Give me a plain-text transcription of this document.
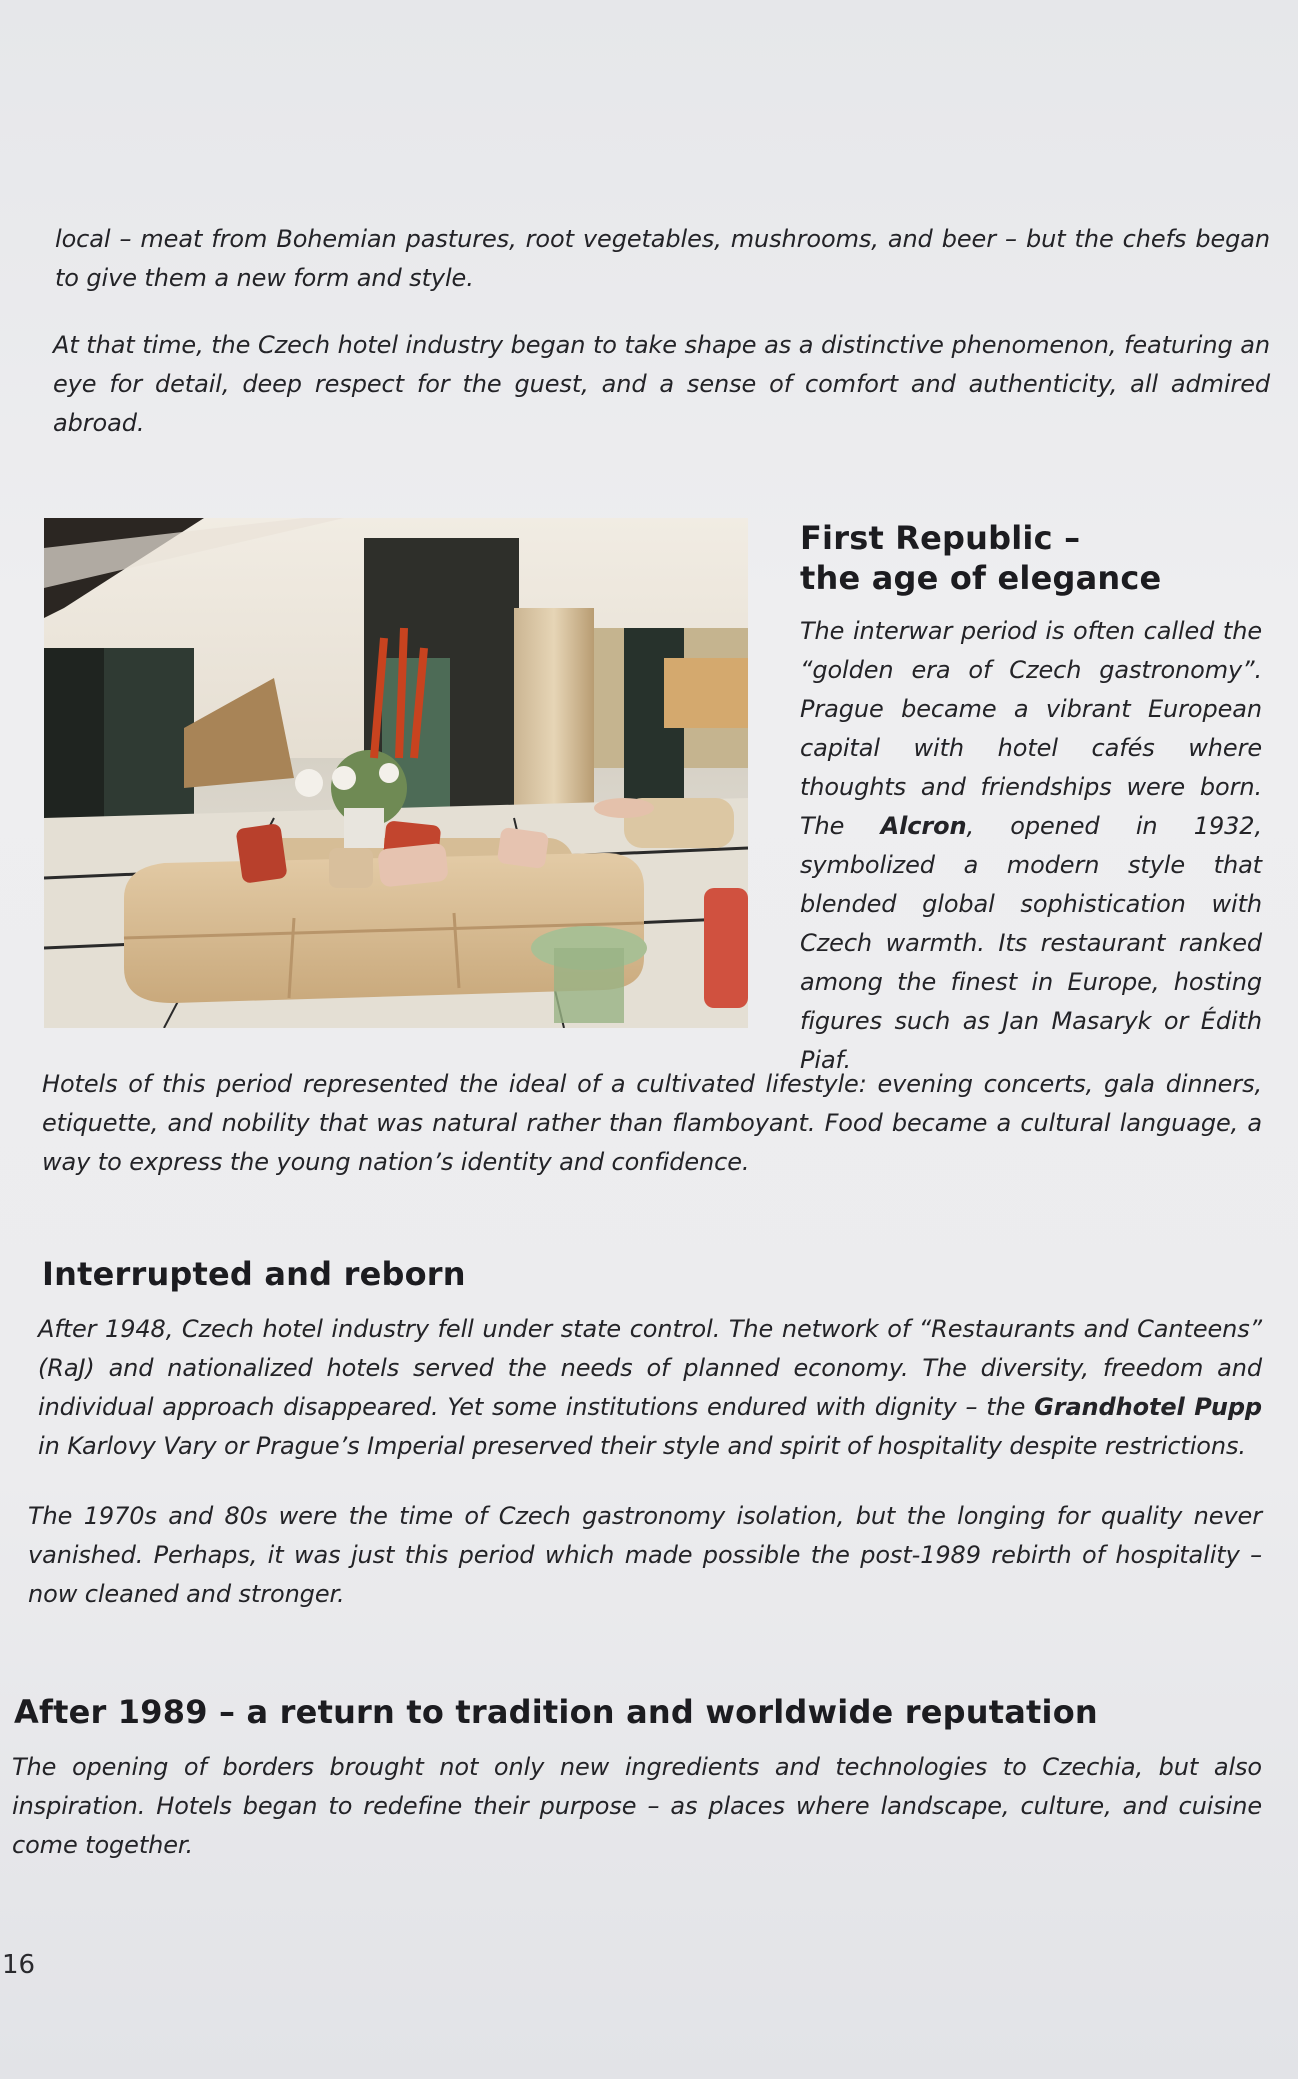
local – meat from Bohemian pastures, root vegetables, mushrooms, and beer – but the chefs began to give them a new form and style.

At that time, the Czech hotel industry began to take shape as a distinctive phenomenon, featuring an eye for detail, deep respect for the guest, and a sense of comfort and authenticity, all admired abroad.

First Republic –
the age of elegance

The interwar period is often called the “golden era of Czech gastronomy”. Prague became a vibrant European capital with hotel cafés where thoughts and friendships were born. The Alcron, opened in 1932, symbolized a modern style that blended global sophistication with Czech warmth. Its restaurant ranked among the finest in Europe, hosting figures such as Jan Masaryk or Édith Piaf.

Hotels of this period represented the ideal of a cultivated lifestyle: evening concerts, gala dinners, etiquette, and nobility that was natural rather than flamboyant. Food became a cultural language, a way to express the young nation’s identity and confidence.

Interrupted and reborn

After 1948, Czech hotel industry fell under state control. The network of “Restaurants and Canteens” (RaJ) and nationalized hotels served the needs of planned economy. The diversity, freedom and individual approach disappeared. Yet some institutions endured with dignity – the Grandhotel Pupp in Karlovy Vary or Prague’s Imperial preserved their style and spirit of hospitality despite restrictions.

The 1970s and 80s were the time of Czech gastronomy isolation, but the longing for quality never vanished. Perhaps, it was just this period which made possible the post-1989 rebirth of hospitality – now cleaned and stronger.

After 1989 – a return to tradition and worldwide reputation

The opening of borders brought not only new ingredients and technologies to Czechia, but also inspiration. Hotels began to redefine their purpose – as places where landscape, culture, and cuisine come together.

16
